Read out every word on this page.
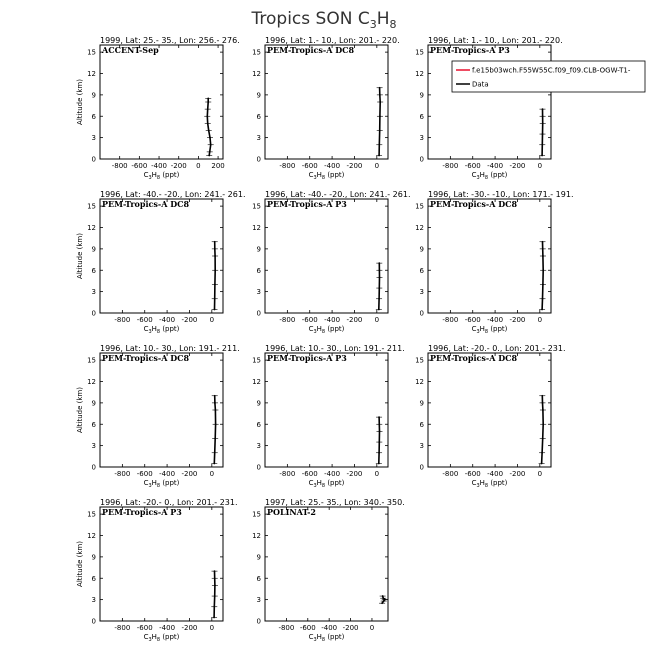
Tropics SON $C_3H_8$
1999, Lat: 25.- 35., Lon: 256.- 276.
ACCENT-Sep
-800 -600 -400 -200 0 200
0
3
6
9
12
15
$C_3H_8$ (ppt)
Altitude (km)
1996, Lat: 1.- 10., Lon: 201.- 220.
PEM-Tropics-A DC8
-800 -600 -400 -200 0
0
3
6
9
12
15
$C_3H_8$ (ppt)
1996, Lat: 1.- 10., Lon: 201.- 220.
PEM-Tropics-A P3
-800 -600 -400 -200 0
0
3
6
9
12
15
$C_3H_8$ (ppt)
1996, Lat: -40.- -20., Lon: 241.- 261.
PEM-Tropics-A DC8
-800 -600 -400 -200 0
0
3
6
9
12
15
$C_3H_8$ (ppt)
Altitude (km)
1996, Lat: -40.- -20., Lon: 241.- 261.
PEM-Tropics-A P3
-800 -600 -400 -200 0
0
3
6
9
12
15
$C_3H_8$ (ppt)
1996, Lat: -30.- -10., Lon: 171.- 191.
PEM-Tropics-A DC8
-800 -600 -400 -200 0
0
3
6
9
12
15
$C_3H_8$ (ppt)
1996, Lat: 10.- 30., Lon: 191.- 211.
PEM-Tropics-A DC8
-800 -600 -400 -200 0
0
3
6
9
12
15
$C_3H_8$ (ppt)
Altitude (km)
1996, Lat: 10.- 30., Lon: 191.- 211.
PEM-Tropics-A P3
-800 -600 -400 -200 0
0
3
6
9
12
15
$C_3H_8$ (ppt)
1996, Lat: -20.- 0., Lon: 201.- 231.
PEM-Tropics-A DC8
-800 -600 -400 -200 0
0
3
6
9
12
15
$C_3H_8$ (ppt)
1996, Lat: -20.- 0., Lon: 201.- 231.
PEM-Tropics-A P3
-800 -600 -400 -200 0
0
3
6
9
12
15
$C_3H_8$ (ppt)
Altitude (km)
1997, Lat: 25.- 35., Lon: 340.- 350.
POLINAT-2
-800 -600 -400 -200 0
0
3
6
9
12
15
$C_3H_8$ (ppt)
f.e15b03wch.F55W55C.f09_f09.CLB-OGW-T1-
Data
